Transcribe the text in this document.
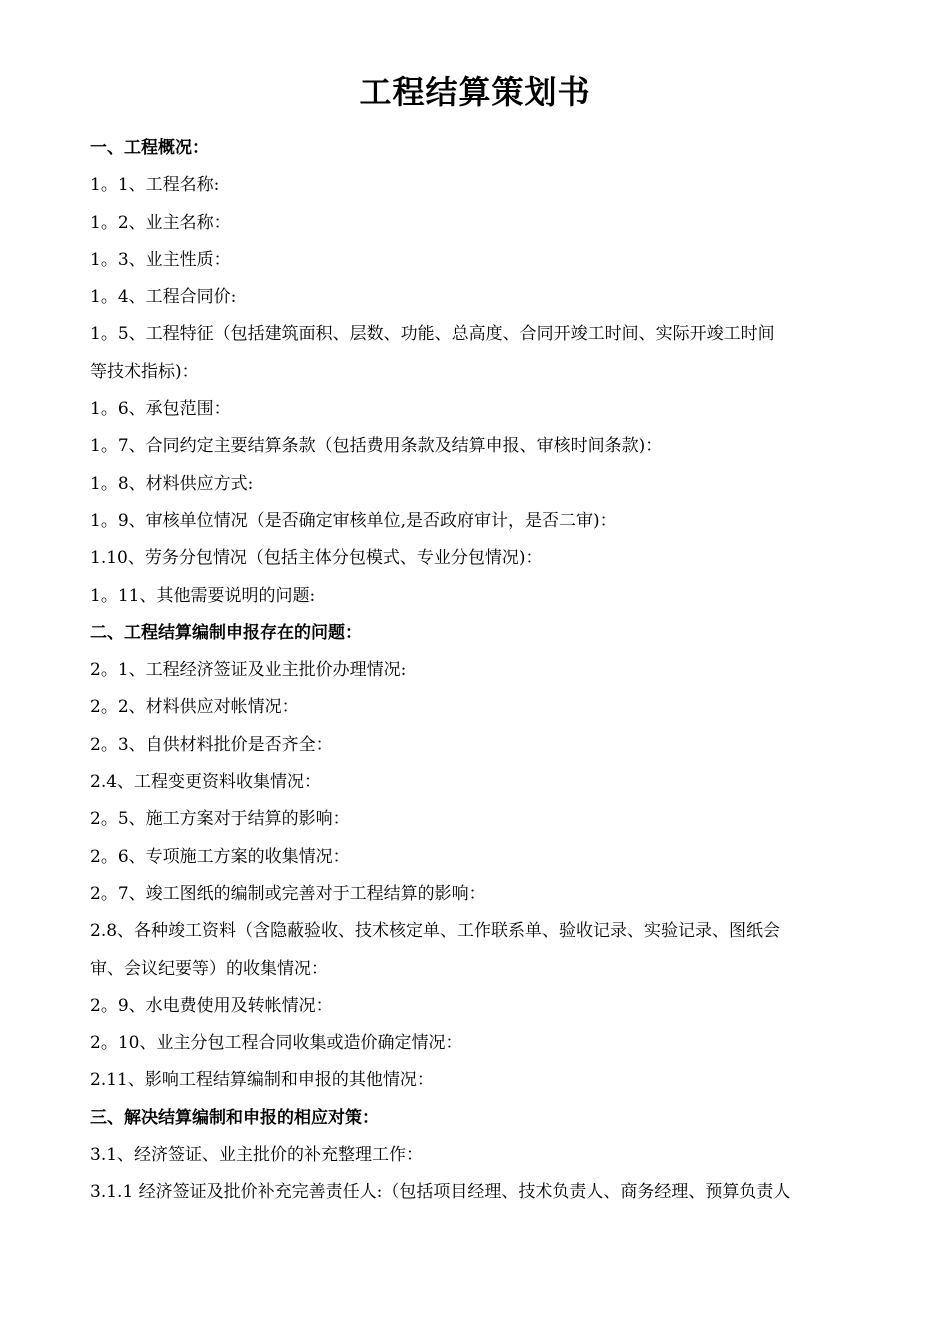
工程结算策划书
一、工程概况：
1。1、工程名称:
1。2、业主名称：
1。3、业主性质：
1。4、工程合同价:
1。5、工程特征（包括建筑面积、层数、功能、总高度、合同开竣工时间、实际开竣工时间
等技术指标)：
1。6、承包范围：
1。7、合同约定主要结算条款（包括费用条款及结算申报、审核时间条款)：
1。8、材料供应方式:
1。9、审核单位情况（是否确定审核单位,是否政府审计，是否二审)：
1.10、劳务分包情况（包括主体分包模式、专业分包情况)：
1。11、其他需要说明的问题:
二、工程结算编制申报存在的问题：
2。1、工程经济签证及业主批价办理情况:
2。2、材料供应对帐情况：
2。3、自供材料批价是否齐全：
2.4、工程变更资料收集情况：
2。5、施工方案对于结算的影响：
2。6、专项施工方案的收集情况：
2。7、竣工图纸的编制或完善对于工程结算的影响：
2.8、各种竣工资料（含隐蔽验收、技术核定单、工作联系单、验收记录、实验记录、图纸会
审、会议纪要等）的收集情况：
2。9、水电费使用及转帐情况：
2。10、业主分包工程合同收集或造价确定情况：
2.11、影响工程结算编制和申报的其他情况：
三、解决结算编制和申报的相应对策：
3.1、经济签证、业主批价的补充整理工作：
3.1.1 经济签证及批价补充完善责任人:（包括项目经理、技术负责人、商务经理、预算负责人
